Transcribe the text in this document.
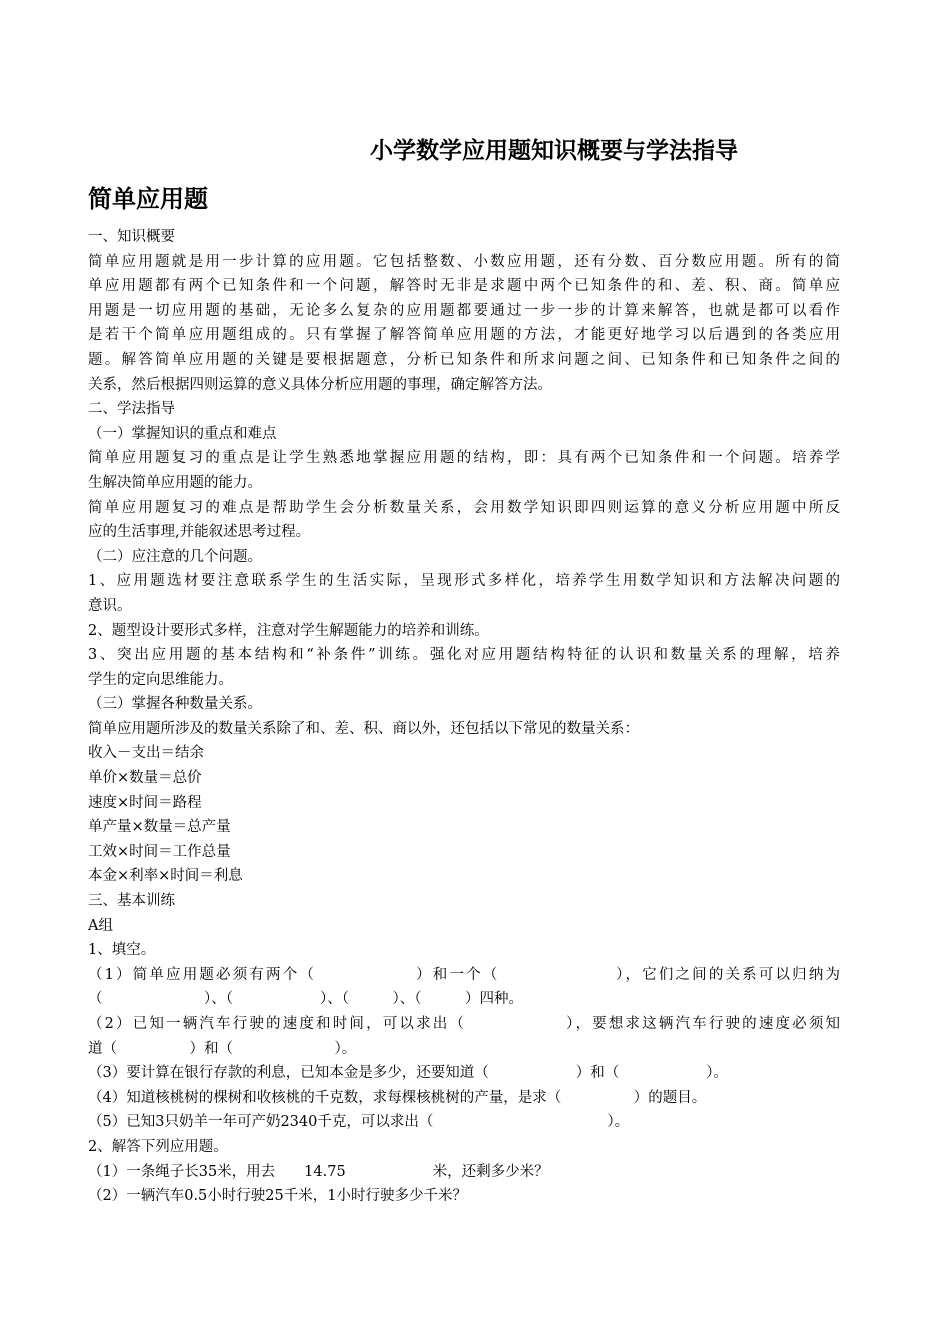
小学数学应用题知识概要与学法指导
简单应用题
一、知识概要
简单应用题就是用一步计算的应用题。它包括整数、小数应用题，还有分数、百分数应用题。所有的简
单应用题都有两个已知条件和一个问题，解答时无非是求题中两个已知条件的和、差、积、商。简单应
用题是一切应用题的基础，无论多么复杂的应用题都要通过一步一步的计算来解答，也就是都可以看作
是若干个简单应用题组成的。只有掌握了解答简单应用题的方法，才能更好地学习以后遇到的各类应用
题。解答简单应用题的关键是要根据题意，分析已知条件和所求问题之间、已知条件和已知条件之间的
关系，然后根据四则运算的意义具体分析应用题的事理，确定解答方法。
二、学法指导
（一）掌握知识的重点和难点
简单应用题复习的重点是让学生熟悉地掌握应用题的结构，即：具有两个已知条件和一个问题。培养学
生解决简单应用题的能力。
简单应用题复习的难点是帮助学生会分析数量关系，会用数学知识即四则运算的意义分析应用题中所反
应的生活事理,并能叙述思考过程。
（二）应注意的几个问题。
1、应用题选材要注意联系学生的生活实际，呈现形式多样化，培养学生用数学知识和方法解决问题的
意识。
2、题型设计要形式多样，注意对学生解题能力的培养和训练。
3、突出应用题的基本结构和“补条件”训练。强化对应用题结构特征的认识和数量关系的理解，培养
学生的定向思维能力。
（三）掌握各种数量关系。
简单应用题所涉及的数量关系除了和、差、积、商以外，还包括以下常见的数量关系：
收入－支出＝结余
单价×数量＝总价
速度×时间＝路程
单产量×数量＝总产量
工效×时间＝工作总量
本金×利率×时间＝利息
三、基本训练
A组
1、填空。
（1）简单应用题必须有两个（　　　　　　）和一个（　　　　　　　），它们之间的关系可以归纳为
（　　　　　　　）、（　　　　　　）、（　　　）、（　　　）四种。
（2）已知一辆汽车行驶的速度和时间，可以求出（　　　　　　），要想求这辆汽车行驶的速度必须知
道（　　　　　）和（　　　　　　　）。
（3）要计算在银行存款的利息，已知本金是多少，还要知道（　　　　　　）和（　　　　　　）。
（4）知道核桃树的棵树和收核桃的千克数，求每棵核桃树的产量，是求（　　　　　）的题目。
（5）已知3只奶羊一年可产奶2340千克，可以求出（　　　　　　　　　　　　）。
2、解答下列应用题。
（1）一条绳子长35米，用去　　14.75　　　　　　米，还剩多少米？
（2）一辆汽车0.5小时行驶25千米，1小时行驶多少千米？
